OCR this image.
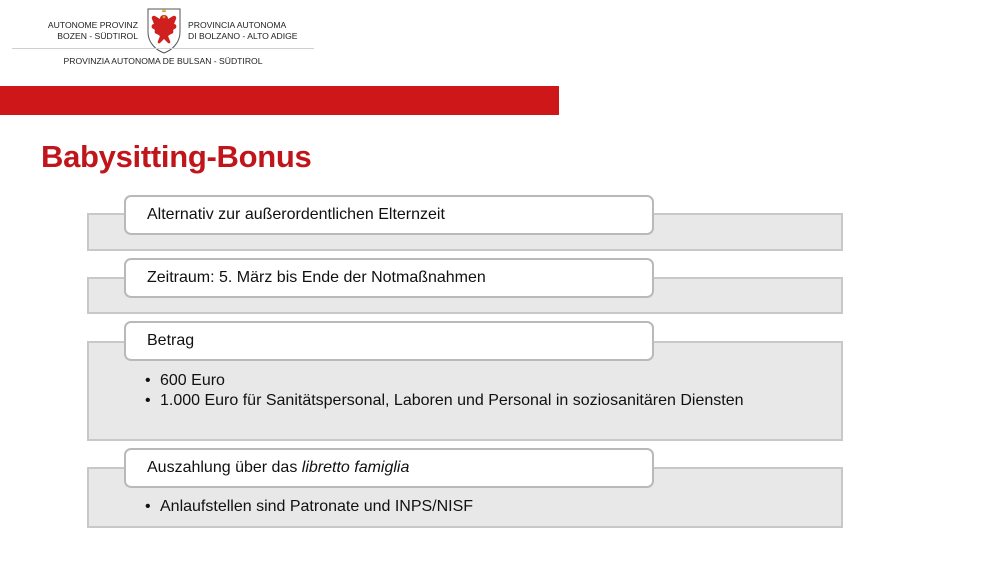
AUTONOME PROVINZ
BOZEN - SÜDTIROL
PROVINCIA AUTONOMA
DI BOLZANO - ALTO ADIGE
PROVINZIA AUTONOMA DE BULSAN - SÜDTIROL
Babysitting-Bonus
Alternativ zur außerordentlichen Elternzeit
Zeitraum: 5. März bis Ende der Notmaßnahmen
Betrag
• 600 Euro
• 1.000 Euro für Sanitätspersonal, Laboren und Personal in soziosanitären Diensten
Auszahlung über das libretto famiglia
• Anlaufstellen sind Patronate und INPS/NISF
